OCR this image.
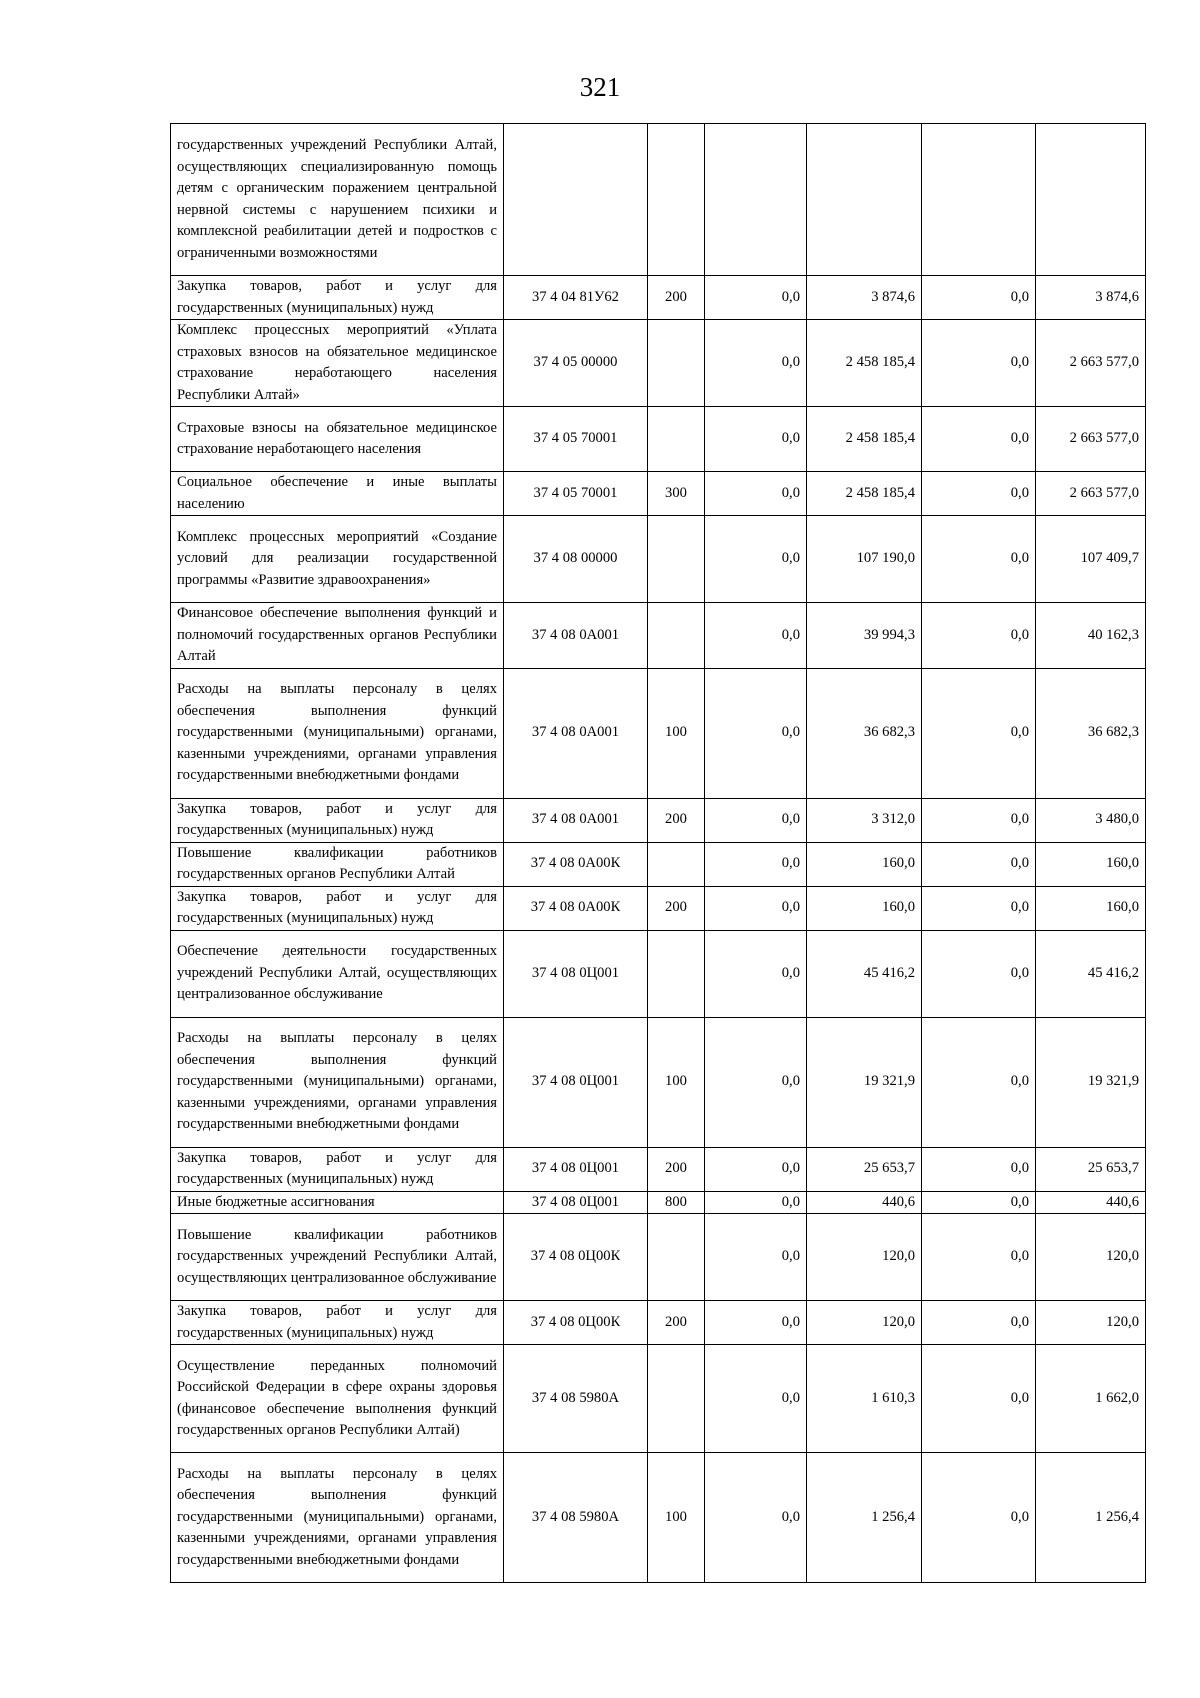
321
государственных учреждений Республики Алтай, осуществляющих специализированную помощь детям с органическим поражением центральной нервной системы с нарушением психики и комплексной реабилитации детей и подростков с ограниченными возможностями						
Закупка товаров, работ и услуг для государственных (муниципальных) нужд	37 4 04 81У62	200	0,0	3 874,6	0,0	3 874,6
Комплекс процессных мероприятий «Уплата страховых взносов на обязательное медицинское страхование неработающего населения Республики Алтай»	37 4 05 00000		0,0	2 458 185,4	0,0	2 663 577,0
Страховые взносы на обязательное медицинское страхование неработающего населения	37 4 05 70001		0,0	2 458 185,4	0,0	2 663 577,0
Социальное обеспечение и иные выплаты населению	37 4 05 70001	300	0,0	2 458 185,4	0,0	2 663 577,0
Комплекс процессных мероприятий «Создание условий для реализации государственной программы «Развитие здравоохранения»	37 4 08 00000		0,0	107 190,0	0,0	107 409,7
Финансовое обеспечение выполнения функций и полномочий государственных органов Республики Алтай	37 4 08 0А001		0,0	39 994,3	0,0	40 162,3
Расходы на выплаты персоналу в целях обеспечения выполнения функций государственными (муниципальными) органами, казенными учреждениями, органами управления государственными внебюджетными фондами	37 4 08 0А001	100	0,0	36 682,3	0,0	36 682,3
Закупка товаров, работ и услуг для государственных (муниципальных) нужд	37 4 08 0А001	200	0,0	3 312,0	0,0	3 480,0
Повышение квалификации работников государственных органов Республики Алтай	37 4 08 0А00К		0,0	160,0	0,0	160,0
Закупка товаров, работ и услуг для государственных (муниципальных) нужд	37 4 08 0А00К	200	0,0	160,0	0,0	160,0
Обеспечение деятельности государственных учреждений Республики Алтай, осуществляющих централизованное обслуживание	37 4 08 0Ц001		0,0	45 416,2	0,0	45 416,2
Расходы на выплаты персоналу в целях обеспечения выполнения функций государственными (муниципальными) органами, казенными учреждениями, органами управления государственными внебюджетными фондами	37 4 08 0Ц001	100	0,0	19 321,9	0,0	19 321,9
Закупка товаров, работ и услуг для государственных (муниципальных) нужд	37 4 08 0Ц001	200	0,0	25 653,7	0,0	25 653,7
Иные бюджетные ассигнования	37 4 08 0Ц001	800	0,0	440,6	0,0	440,6
Повышение квалификации работников государственных учреждений Республики Алтай, осуществляющих централизованное обслуживание	37 4 08 0Ц00К		0,0	120,0	0,0	120,0
Закупка товаров, работ и услуг для государственных (муниципальных) нужд	37 4 08 0Ц00К	200	0,0	120,0	0,0	120,0
Осуществление переданных полномочий Российской Федерации в сфере охраны здоровья (финансовое обеспечение выполнения функций государственных органов Республики Алтай)	37 4 08 5980А		0,0	1 610,3	0,0	1 662,0
Расходы на выплаты персоналу в целях обеспечения выполнения функций государственными (муниципальными) органами, казенными учреждениями, органами управления государственными внебюджетными фондами	37 4 08 5980А	100	0,0	1 256,4	0,0	1 256,4
